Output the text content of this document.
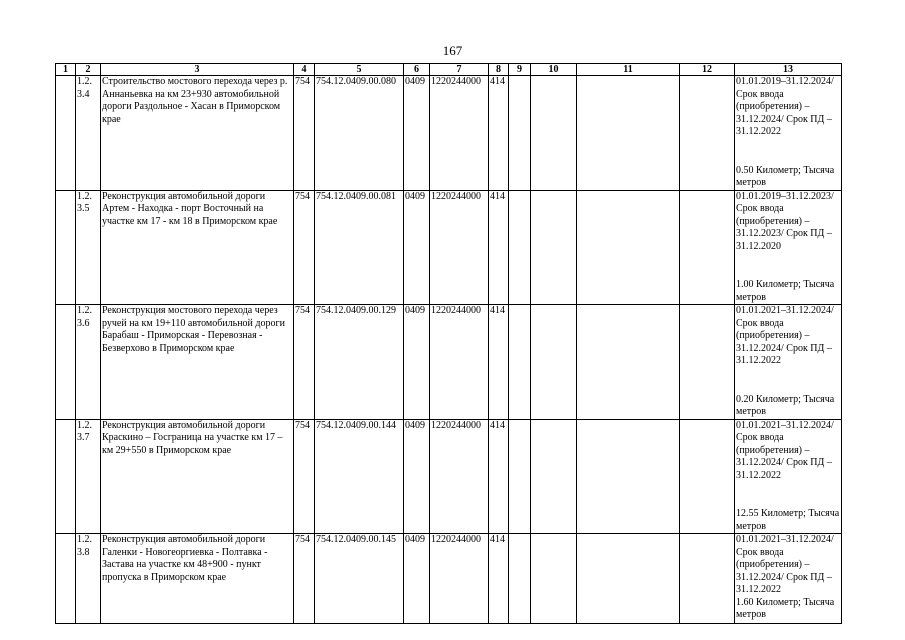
167
1	2	3	4	5	6	7	8	9	10	11	12	13
	1.2.3.4	Строительство мостового перехода через р. Аннаньевка на км 23+930 автомобильной дороги Раздольное - Хасан в Приморском крае	754	754.12.0409.00.080	0409	1220244000	414					01.01.2019–31.12.2024/ Срок ввода (приобретения) – 31.12.2024/ Срок ПД – 31.12.2022
0.50 Километр; Тысяча метров

	1.2.3.5	Реконструкция автомобильной дороги Артем - Находка - порт Восточный на участке км 17 - км 18 в Приморском крае	754	754.12.0409.00.081	0409	1220244000	414					01.01.2019–31.12.2023/ Срок ввода (приобретения) – 31.12.2023/ Срок ПД – 31.12.2020
1.00 Километр; Тысяча метров

	1.2.3.6	Реконструкция мостового перехода через ручей на км 19+110 автомобильной дороги Барабаш - Приморская - Перевозная - Безверхово в Приморском крае	754	754.12.0409.00.129	0409	1220244000	414					01.01.2021–31.12.2024/ Срок ввода (приобретения) – 31.12.2024/ Срок ПД – 31.12.2022
0.20 Километр; Тысяча метров

	1.2.3.7	Реконструкция автомобильной дороги Краскино – Госграница на участке км 17 – км 29+550 в Приморском крае	754	754.12.0409.00.144	0409	1220244000	414					01.01.2021–31.12.2024/ Срок ввода (приобретения) – 31.12.2024/ Срок ПД – 31.12.2022
12.55 Километр; Тысяча метров

	1.2.3.8	Реконструкция автомобильной дороги Галенки - Новогеоргиевка - Полтавка - Застава на участке км 48+900 - пункт пропуска в Приморском крае	754	754.12.0409.00.145	0409	1220244000	414					01.01.2021–31.12.2024/ Срок ввода (приобретения) – 31.12.2024/ Срок ПД – 31.12.2022
1.60 Километр; Тысяча метров
